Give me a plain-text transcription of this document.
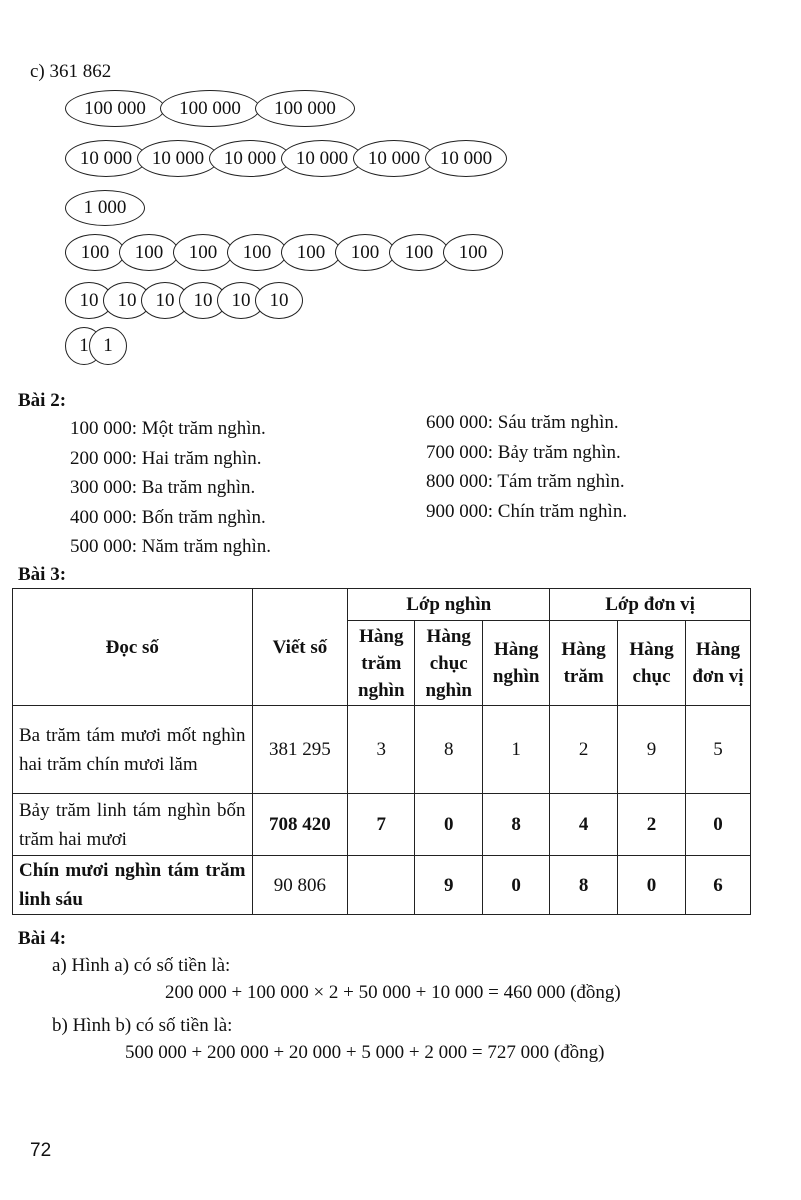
c) 361 862
100 000	100 000	100 000
10 000	10 000	10 000	10 000	10 000	10 000
1 000
100	100	100	100	100	100	100	100
10	10	10	10	10	10
1 1
Bài 2:
100 000: Một trăm nghìn.
200 000: Hai trăm nghìn.
300 000: Ba trăm nghìn.
400 000: Bốn trăm nghìn.
500 000: Năm trăm nghìn.
600 000: Sáu trăm nghìn.
700 000: Bảy trăm nghìn.
800 000: Tám trăm nghìn.
900 000: Chín trăm nghìn.
Bài 3:
Đọc số	Viết số	Lớp nghìn			Lớp đơn vị		
		Hàng trăm nghìn	Hàng chục nghìn	Hàng nghìn	Hàng trăm	Hàng chục	Hàng đơn vị
Ba trăm tám mươi mốt nghìn hai trăm chín mươi lăm	381 295	3	8	1	2	9	5
Bảy trăm linh tám nghìn bốn trăm hai mươi	708 420	7	0	8	4	2	0
Chín mươi nghìn tám trăm linh sáu	90 806		9	0	8	0	6
Bài 4:
a) Hình a) có số tiền là:
200 000 + 100 000 × 2 + 50 000 + 10 000 = 460 000 (đồng)
b) Hình b) có số tiền là:
500 000 + 200 000 + 20 000 + 5 000 + 2 000 = 727 000 (đồng)
72
